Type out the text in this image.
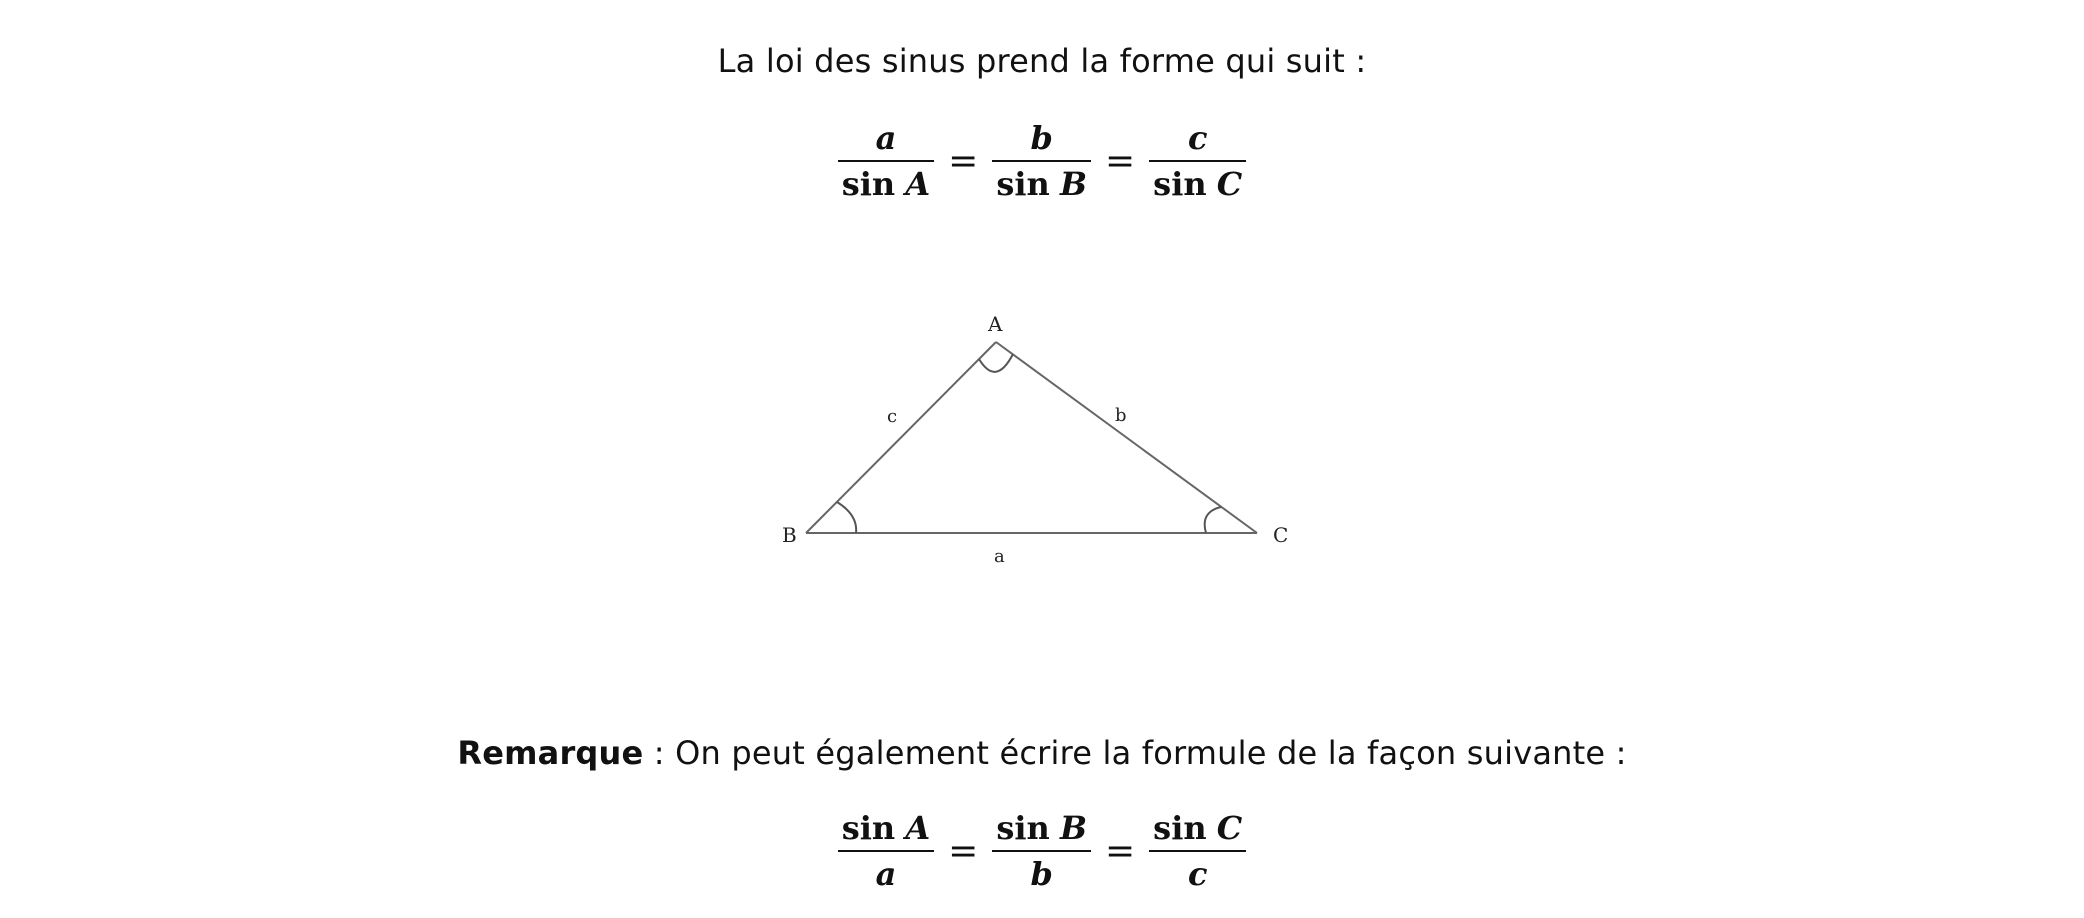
La loi des sinus prend la forme qui suit :
$\frac{a}{\text{sin A}} = \frac{b}{\text{sin B}} = \frac{c}{\text{sin C}}$
A
B	C
a
b
c
Remarque : On peut également écrire la formule de la façon suivante :
$\frac{\text{sin A}}{a} = \frac{\text{sin B}}{b} = \frac{\text{sin C}}{c}$
